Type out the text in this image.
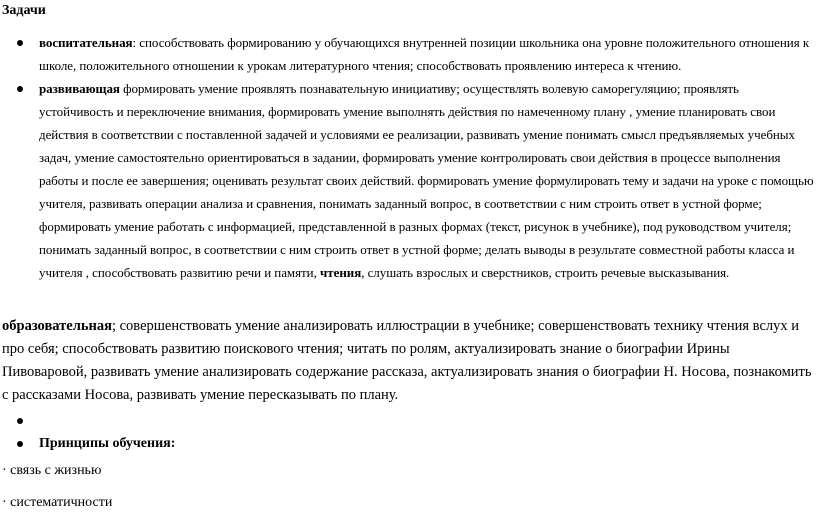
Задачи
воспитательная: способствовать формированию у обучающихся внутренней позиции школьника она уровне положительного отношения к школе, положительного отношении к урокам литературного чтения; способствовать проявлению интереса к чтению.
развивающая формировать умение проявлять познавательную инициативу; осуществлять волевую саморегуляцию; проявлять устойчивость и переключение внимания, формировать умение выполнять действия по намеченному плану , умение планировать свои действия в соответствии с поставленной задачей и условиями ее реализации, развивать умение понимать смысл предъявляемых учебных задач, умение самостоятельно ориентироваться в задании, формировать умение контролировать свои действия в процессе выполнения работы и после ее завершения; оценивать результат своих действий. формировать умение формулировать тему и задачи на уроке с помощью учителя, развивать операции анализа и сравнения, понимать заданный вопрос, в соответствии с ним строить ответ в устной форме; формировать умение работать с информацией, представленной в разных формах (текст, рисунок в учебнике), под руководством учителя; понимать заданный вопрос, в соответствии с ним строить ответ в устной форме; делать выводы в результате совместной работы класса и учителя , способствовать развитию речи и памяти, чтения, слушать взрослых и сверстников, строить речевые высказывания.
образовательная; совершенствовать умение анализировать иллюстрации в учебнике; совершенствовать технику чтения вслух и про себя; способствовать развитию поискового чтения; читать по ролям, актуализировать знание о биографии Ирины Пивоваровой, развивать умение анализировать содержание рассказа, актуализировать знания о биографии Н. Носова, познакомить с рассказами Носова, развивать умение пересказывать по плану.
Принципы обучения:
· связь с жизнью
· систематичности
